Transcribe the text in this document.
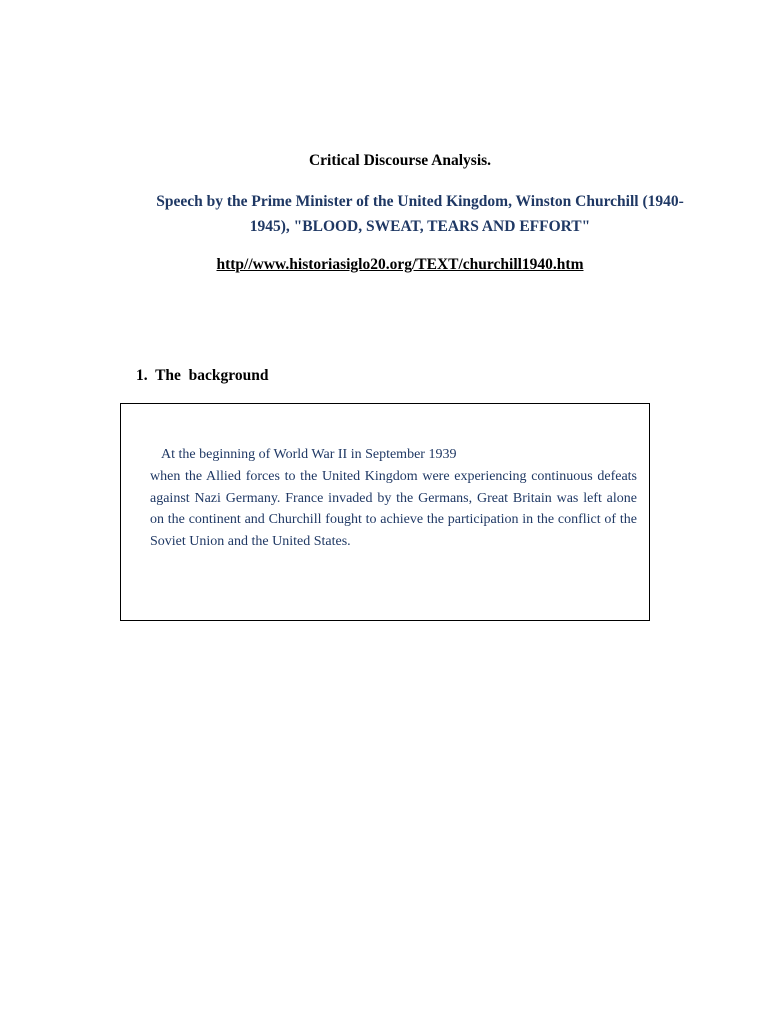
Critical Discourse Analysis.

Speech by the Prime Minister of the United Kingdom, Winston Churchill (1940-1945), "BLOOD, SWEAT, TEARS AND EFFORT"

http//www.historiasiglo20.org/TEXT/churchill1940.htm
1.  The  background

At the beginning of World War II in September 1939

when the Allied forces to the United Kingdom were experiencing continuous defeats against Nazi Germany. France invaded by the Germans, Great Britain was left alone on the continent and Churchill fought to achieve the participation in the conflict of the Soviet Union and the United States.
